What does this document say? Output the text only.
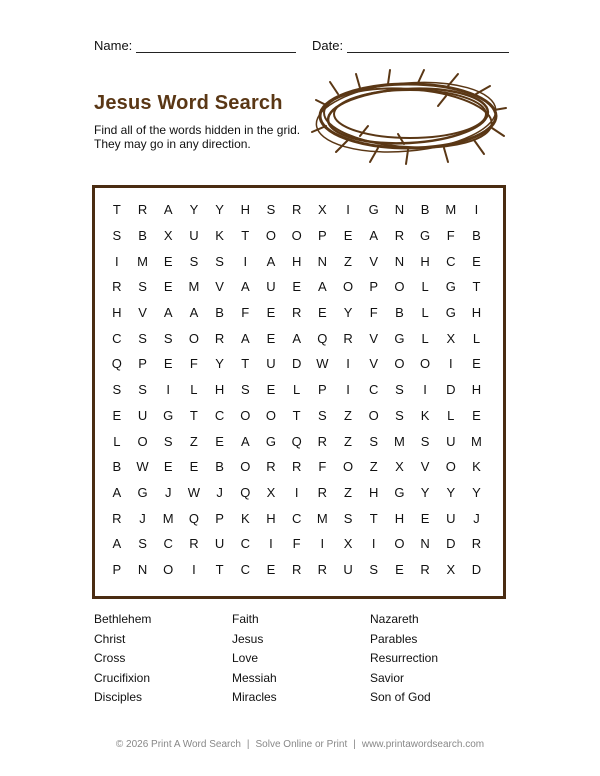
Name:	Date:
Jesus Word Search
Find all of the words hidden in the grid.
They may go in any direction.
T	R	A	Y	Y	H	S	R	X	I	G	N	B	M	I
S	B	X	U	K	T	O	O	P	E	A	R	G	F	B
I	M	E	S	S	I	A	H	N	Z	V	N	H	C	E
R	S	E	M	V	A	U	E	A	O	P	O	L	G	T
H	V	A	A	B	F	E	R	E	Y	F	B	L	G	H
C	S	S	O	R	A	E	A	Q	R	V	G	L	X	L
Q	P	E	F	Y	T	U	D	W	I	V	O	O	I	E
S	S	I	L	H	S	E	L	P	I	C	S	I	D	H
E	U	G	T	C	O	O	T	S	Z	O	S	K	L	E
L	O	S	Z	E	A	G	Q	R	Z	S	M	S	U	M
B	W	E	E	B	O	R	R	F	O	Z	X	V	O	K
A	G	J	W	J	Q	X	I	R	Z	H	G	Y	Y	Y
R	J	M	Q	P	K	H	C	M	S	T	H	E	U	J
A	S	C	R	U	C	I	F	I	X	I	O	N	D	R
P	N	O	I	T	C	E	R	R	U	S	E	R	X	D
Bethlehem	Faith	Nazareth
Christ	Jesus	Parables
Cross	Love	Resurrection
Crucifixion	Messiah	Savior
Disciples	Miracles	Son of God
© 2026 Print A Word Search | Solve Online or Print | www.printawordsearch.com
